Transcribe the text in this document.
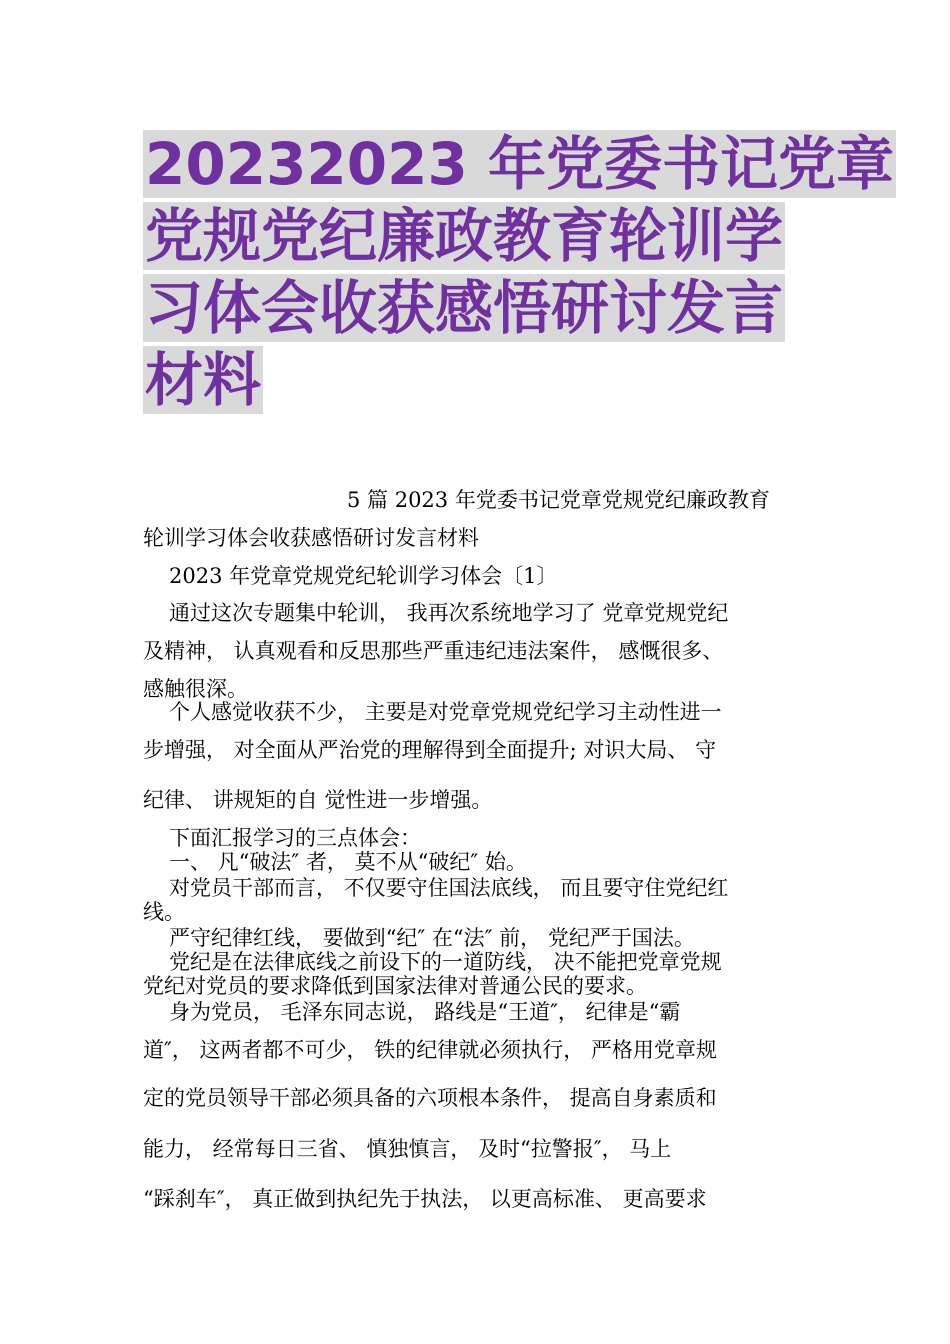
20232023 年党委书记党章
党规党纪廉政教育轮训学
习体会收获感悟研讨发言
材料

5 篇 2023 年党委书记党章党规党纪廉政教育

轮训学习体会收获感悟研讨发言材料

2023 年党章党规党纪轮训学习体会〔1〕

通过这次专题集中轮训， 我再次系统地学习了 党章党规党纪

及精神， 认真观看和反思那些严重违纪违法案件， 感慨很多、

感触很深。

个人感觉收获不少， 主要是对党章党规党纪学习主动性进一

步增强， 对全面从严治党的理解得到全面提升; 对识大局、 守

纪律、 讲规矩的自 觉性进一步增强。

下面汇报学习的三点体会：

一、 凡“破法″ 者， 莫不从“破纪″ 始。

对党员干部而言， 不仅要守住国法底线， 而且要守住党纪红

线。

严守纪律红线， 要做到“纪″ 在“法″ 前， 党纪严于国法。

党纪是在法律底线之前设下的一道防线， 决不能把党章党规

党纪对党员的要求降低到国家法律对普通公民的要求。

身为党员， 毛泽东同志说， 路线是“王道″， 纪律是“霸

道″， 这两者都不可少， 铁的纪律就必须执行， 严格用党章规

定的党员领导干部必须具备的六项根本条件， 提高自身素质和

能力， 经常每日三省、 慎独慎言， 及时“拉警报″， 马上

“踩刹车″， 真正做到执纪先于执法， 以更高标准、 更高要求
